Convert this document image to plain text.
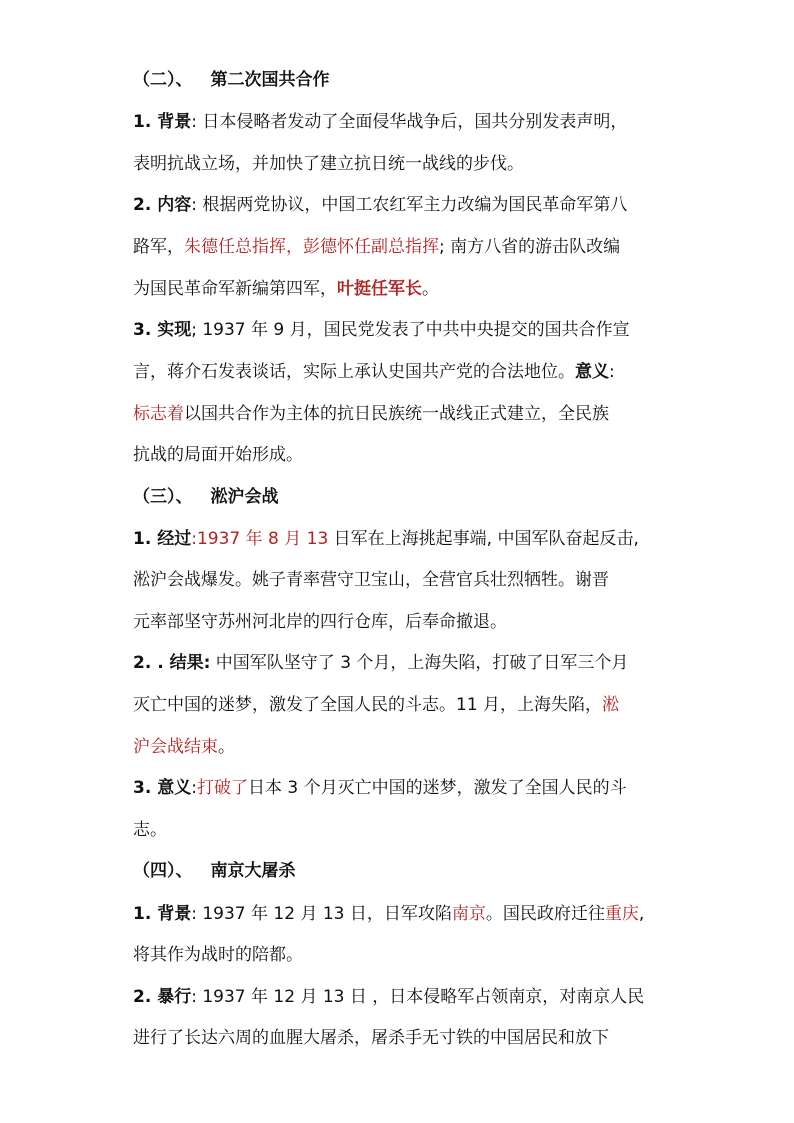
（二）、 第二次国共合作
1. 背景: 日本侵略者发动了全面侵华战争后，国共分别发表声明，
表明抗战立场，并加快了建立抗日统一战线的步伐。
2. 内容: 根据两党协议，中国工农红军主力改编为国民革命军第八
路军，朱德任总指挥，彭德怀任副总指挥; 南方八省的游击队改编
为国民革命军新编第四军，叶挺任军长。
3. 实现; 1937 年 9 月，国民党发表了中共中央提交的国共合作宣
言，蒋介石发表谈话，实际上承认史国共产党的合法地位。意义:
标志着以国共合作为主体的抗日民族统一战线正式建立，全民族
抗战的局面开始形成。
（三）、 淞沪会战
1. 经过:1937 年 8 月 13 日军在上海挑起事端, 中国军队奋起反击,
淞沪会战爆发。姚子青率营守卫宝山，全营官兵壮烈牺牲。谢晋
元率部坚守苏州河北岸的四行仓库，后奉命撤退。
2. . 结果: 中国军队坚守了 3 个月，上海失陷，打破了日军三个月
灭亡中国的迷梦，激发了全国人民的斗志。11 月，上海失陷，淞
沪会战结束。
3. 意义:打破了日本 3 个月灭亡中国的迷梦，激发了全国人民的斗
志。
（四）、 南京大屠杀
1. 背景: 1937 年 12 月 13 日，日军攻陷南京。国民政府迁往重庆,
将其作为战时的陪都。
2. 暴行: 1937 年 12 月 13 日 ，日本侵略军占领南京，对南京人民
进行了长达六周的血腥大屠杀，屠杀手无寸铁的中国居民和放下
